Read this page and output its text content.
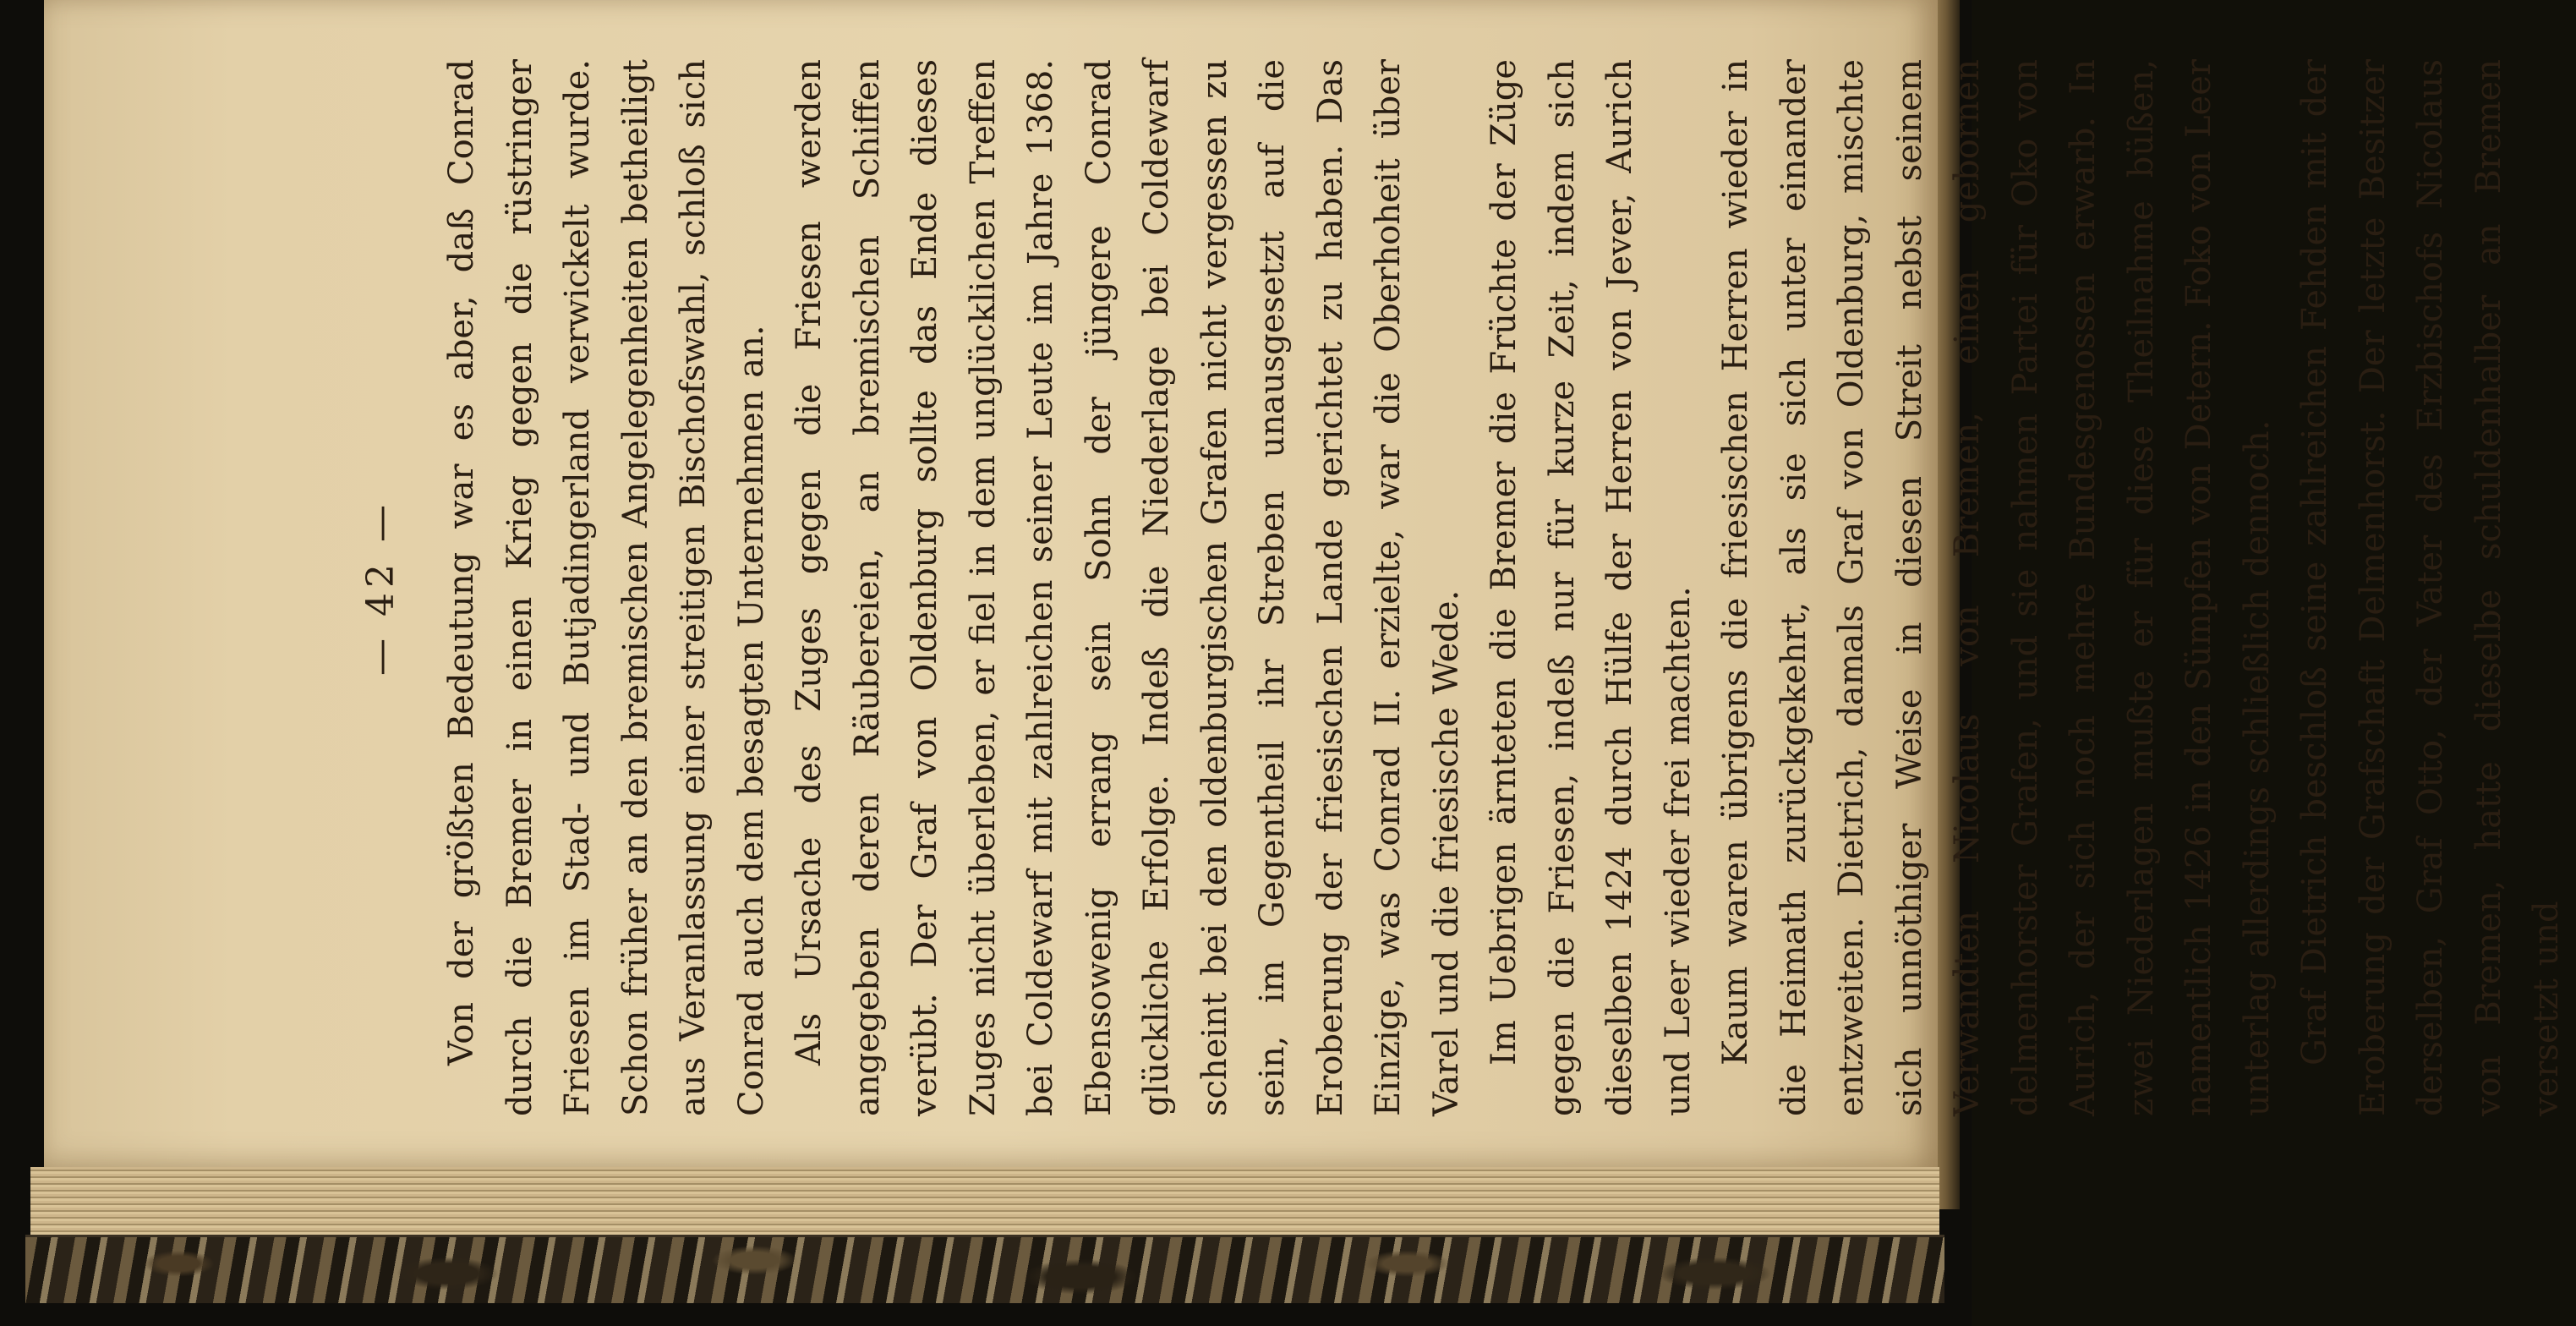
— 42 — Von der größten Bedeutung war es aber, daß Conrad durch die Bremer in einen Krieg gegen die rüstringer Friesen im Stad- und Butjadingerland verwickelt wurde. Schon früher an den bremischen Angelegenheiten betheiligt aus Veranlassung einer streitigen Bischofswahl, schloß sich Conrad auch dem besagten Unternehmen an. Als Ursache des Zuges gegen die Friesen werden angegeben deren Räubereien, an bremischen Schiffen verübt. Der Graf von Oldenburg sollte das Ende dieses Zuges nicht überleben, er fiel in dem unglücklichen Treffen bei Coldewarf mit zahlreichen seiner Leute im Jahre 1368. Ebensowenig errang sein Sohn der jüngere Conrad glückliche Erfolge. Indeß die Niederlage bei Coldewarf scheint bei den oldenburgischen Grafen nicht vergessen zu sein, im Gegentheil ihr Streben unausgesetzt auf die Eroberung der friesischen Lande gerichtet zu haben. Das Einzige, was Conrad II. erzielte, war die Oberhoheit über Varel und die friesische Wede. Im Uebrigen ärnteten die Bremer die Früchte der Züge gegen die Friesen, indeß nur für kurze Zeit, indem sich dieselben 1424 durch Hülfe der Herren von Jever, Aurich und Leer wieder frei machten. Kaum waren übrigens die friesischen Herren wieder in die Heimath zurückgekehrt, als sie sich unter einander entzweiten. Dietrich, damals Graf von Oldenburg, mischte sich unnöthiger Weise in diesen Streit nebst seinem Verwandten Nicolaus von Bremen, einen gebornen delmenhorster Grafen, und sie nahmen Partei für Oko von Aurich, der sich noch mehre Bundesgenossen erwarb. In zwei Niederlagen mußte er für diese Theilnahme büßen, namentlich 1426 in den Sümpfen von Detern. Foko von Leer unterlag allerdings schließlich dennoch. Graf Dietrich beschloß seine zahlreichen Fehden mit der Eroberung der Grafschaft Delmenhorst. Der letzte Besitzer derselben, Graf Otto, der Vater des Erzbischofs Nicolaus von Bremen, hatte dieselbe schuldenhalber an Bremen versetzt und
